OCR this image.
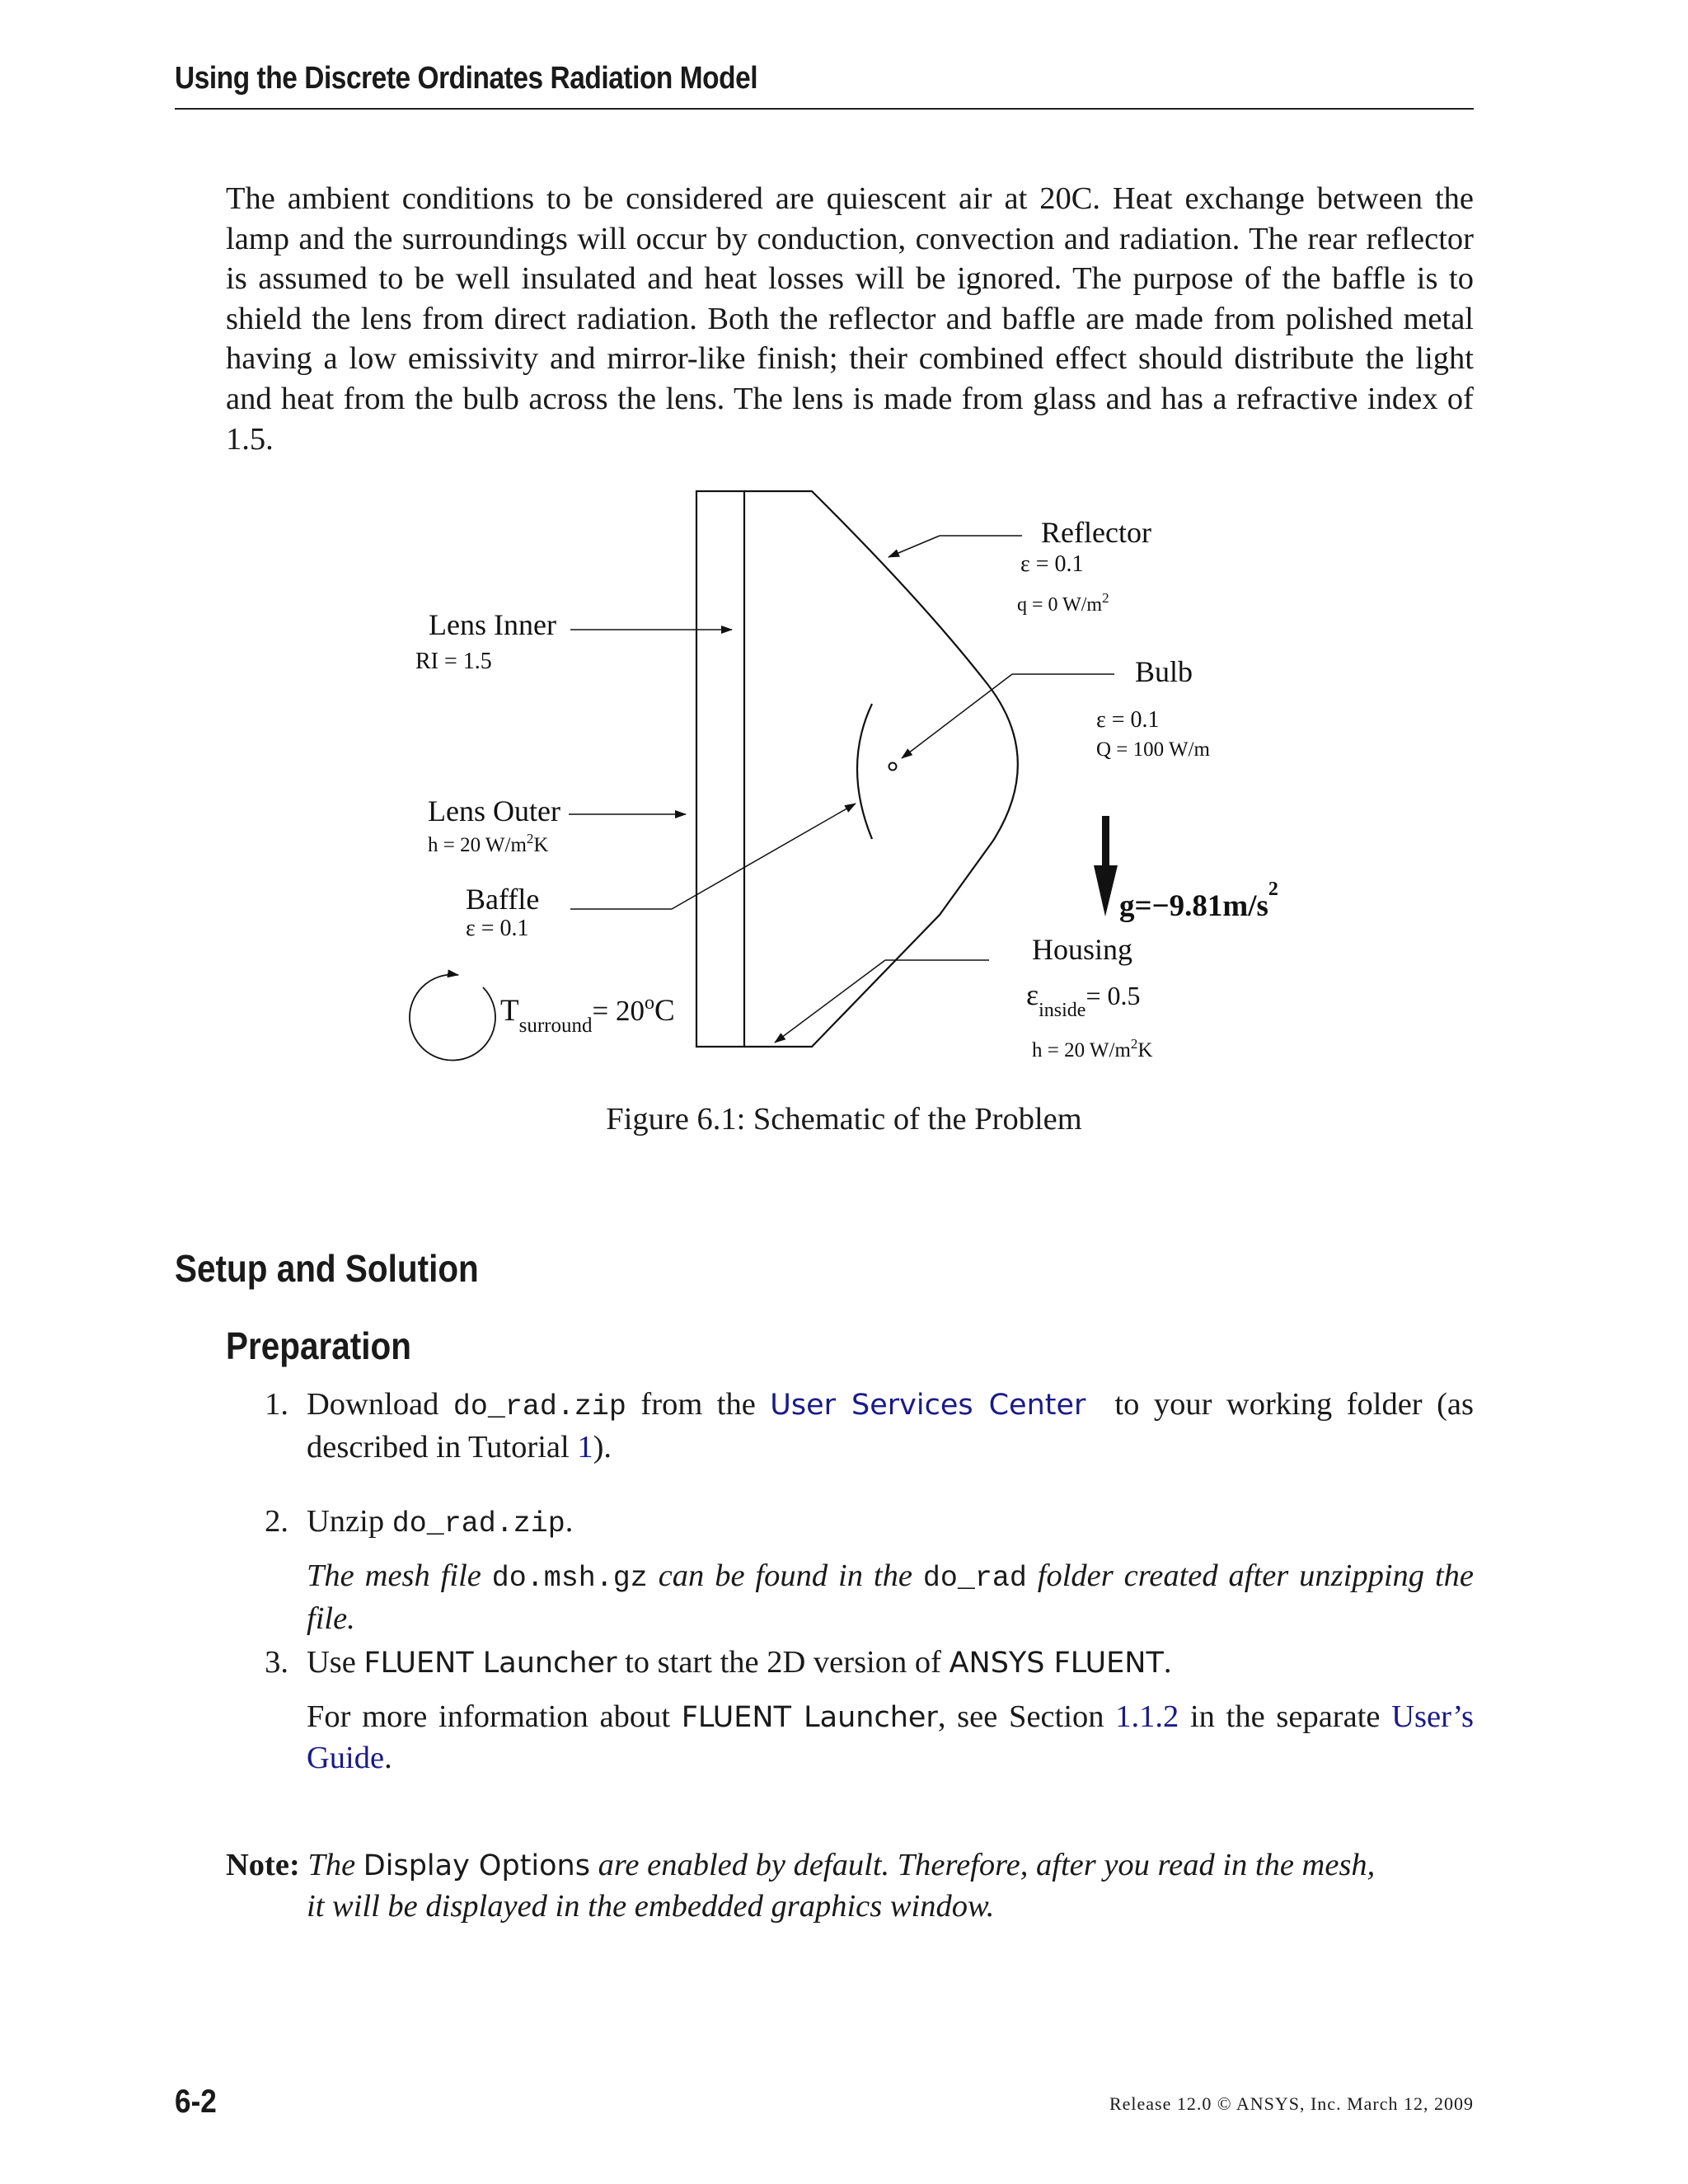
Using the Discrete Ordinates Radiation Model

The ambient conditions to be considered are quiescent air at 20C. Heat exchange between the lamp and the surroundings will occur by conduction, convection and radiation. The rear reflector is assumed to be well insulated and heat losses will be ignored. The purpose of the baffle is to shield the lens from direct radiation. Both the reflector and baffle are made from polished metal having a low emissivity and mirror-like finish; their combined effect should distribute the light and heat from the bulb across the lens. The lens is made from glass and has a refractive index of 1.5.

Reflector
ε = 0.1
q = 0 $W/m^2$
Lens Inner
RI = 1.5	Bulb
ε = 0.1
Q = 100 W/m
Lens Outer
h = 20 $W/m^2K$
Baffle
ε = 0.1
$g=-9.81m/s^2$
Housing
$\varepsilon_{inside}= 0.5$
h = 20 $W/m^2K$
$T_{surround}= 20^oC$
Figure 6.1: Schematic of the Problem
Setup and Solution
Preparation
1. Download do_rad.zip from the User Services Center  to your working folder (as described in Tutorial 1).
2. Unzip do_rad.zip.
The mesh file do.msh.gz can be found in the do_rad folder created after unzipping the file.
3. Use FLUENT Launcher to start the 2D version of ANSYS FLUENT.
For more information about FLUENT Launcher, see Section 1.1.2 in the separate User’s Guide.
Note: The Display Options are enabled by default. Therefore, after you read in the mesh,
it will be displayed in the embedded graphics window.
6-2	Release 12.0 © ANSYS, Inc. March 12, 2009
